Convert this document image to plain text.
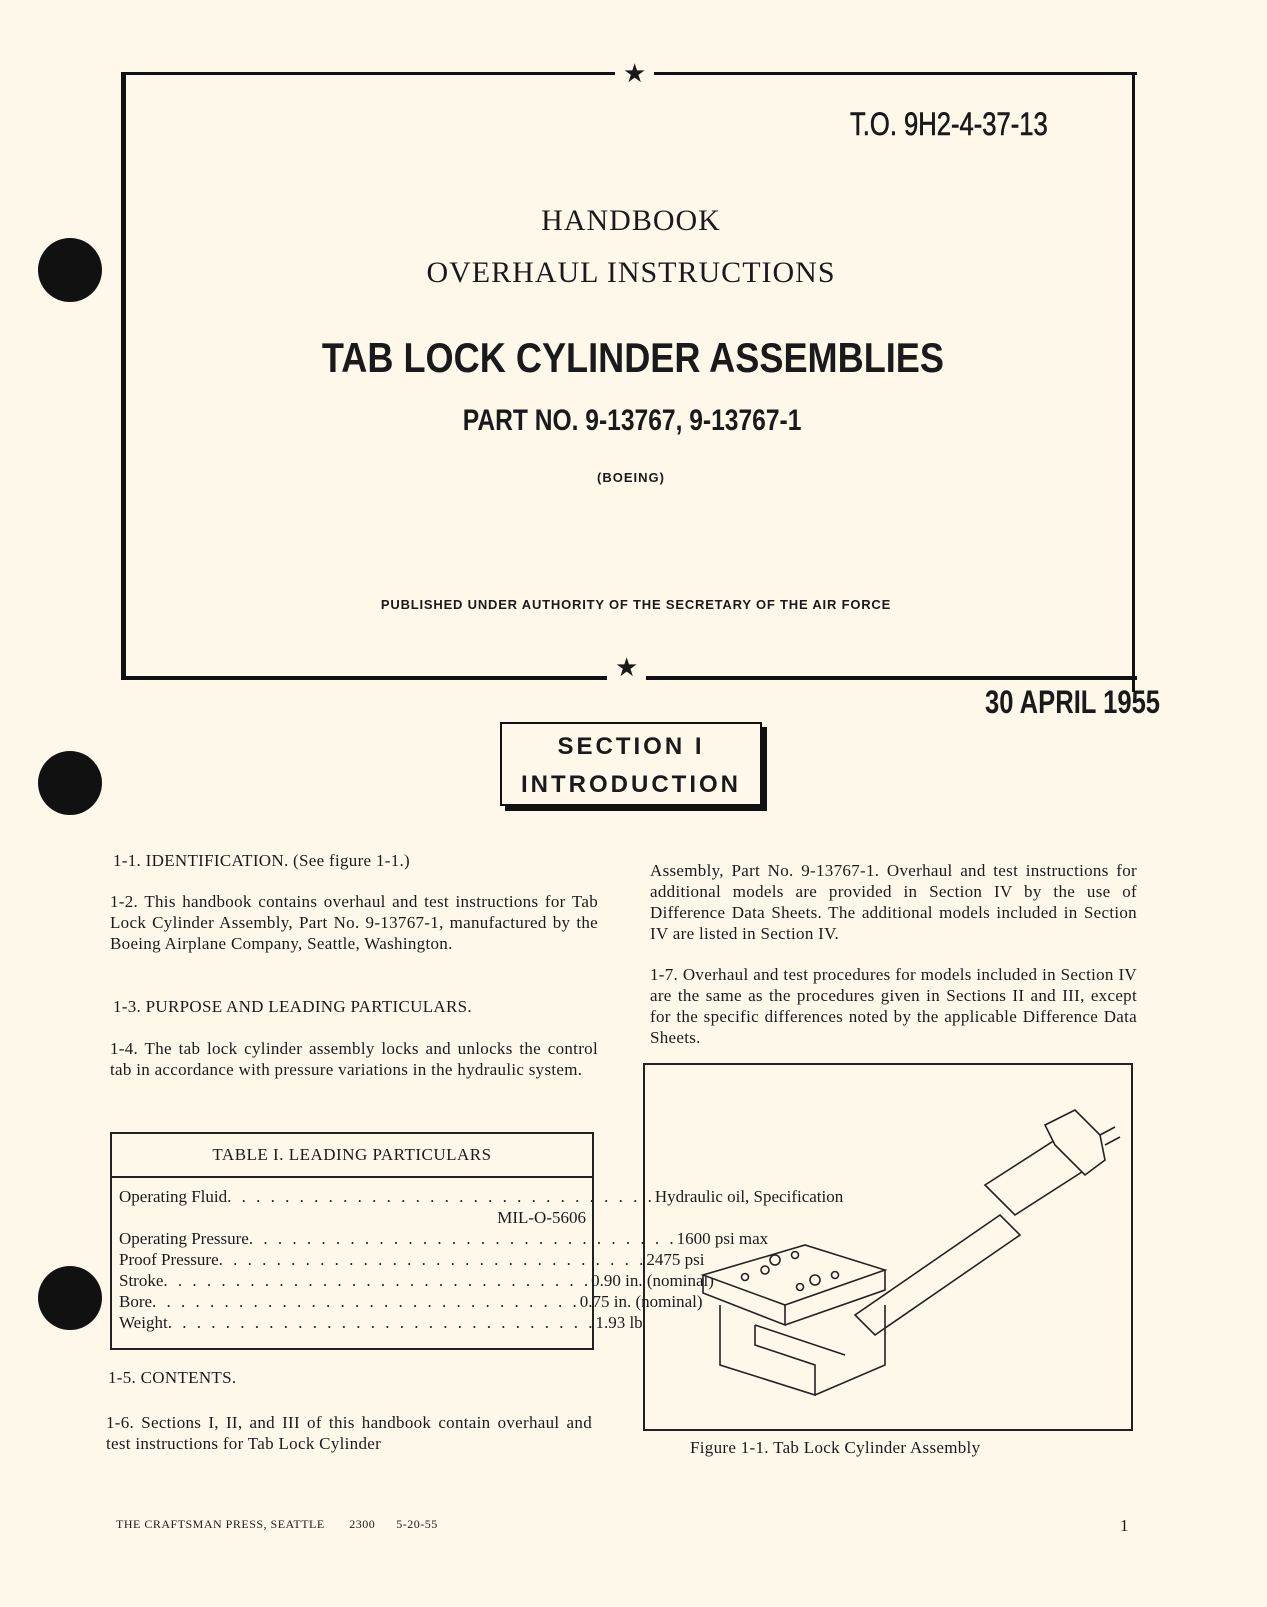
★
★
T.O. 9H2-4-37-13
HANDBOOK
OVERHAUL INSTRUCTIONS
TAB LOCK CYLINDER ASSEMBLIES
PART NO. 9-13767, 9-13767-1
(BOEING)
PUBLISHED UNDER AUTHORITY OF THE SECRETARY OF THE AIR FORCE
30 APRIL 1955
SECTION I
INTRODUCTION
1-1. IDENTIFICATION. (See figure 1-1.)
1-2. This handbook contains overhaul and test instructions for Tab Lock Cylinder Assembly, Part No. 9-13767-1, manufactured by the Boeing Airplane Company, Seattle, Washington.
1-3. PURPOSE AND LEADING PARTICULARS.
1-4. The tab lock cylinder assembly locks and unlocks the control tab in accordance with pressure variations in the hydraulic system.
TABLE I. LEADING PARTICULARS
Operating Fluid . . . . . . . . . . . . . . . . . . . . . . . . . . . . . . Hydraulic oil, Specification
MIL-O-5606
Operating Pressure . . . . . . . . . . . . . . . . . . . . . . . . . . . . . . 1600 psi max
Proof Pressure . . . . . . . . . . . . . . . . . . . . . . . . . . . . . . 2475 psi
Stroke . . . . . . . . . . . . . . . . . . . . . . . . . . . . . . 0.90 in. (nominal)
Bore . . . . . . . . . . . . . . . . . . . . . . . . . . . . . . 0.75 in. (nominal)
Weight . . . . . . . . . . . . . . . . . . . . . . . . . . . . . . 1.93 lb
1-5. CONTENTS.
1-6. Sections I, II, and III of this handbook contain overhaul and test instructions for Tab Lock Cylinder
Assembly, Part No. 9-13767-1. Overhaul and test instructions for additional models are provided in Section IV by the use of Difference Data Sheets. The additional models included in Section IV are listed in Section IV.
1-7. Overhaul and test procedures for models included in Section IV are the same as the procedures given in Sections II and III, except for the specific differences noted by the applicable Difference Data Sheets.
Figure 1-1. Tab Lock Cylinder Assembly
THE CRAFTSMAN PRESS, SEATTLE 2300 5-20-55	1
